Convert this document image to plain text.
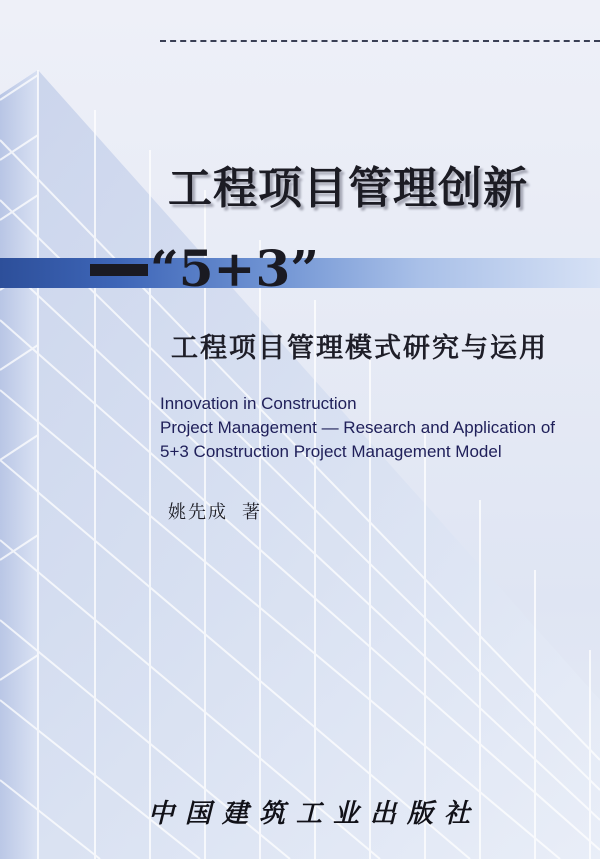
工程项目管理创新
“5+3”
工程项目管理模式研究与运用
Innovation in Construction
Project Management — Research and Application of
5+3 Construction Project Management Model
姚先成 著
中国建筑工业出版社
